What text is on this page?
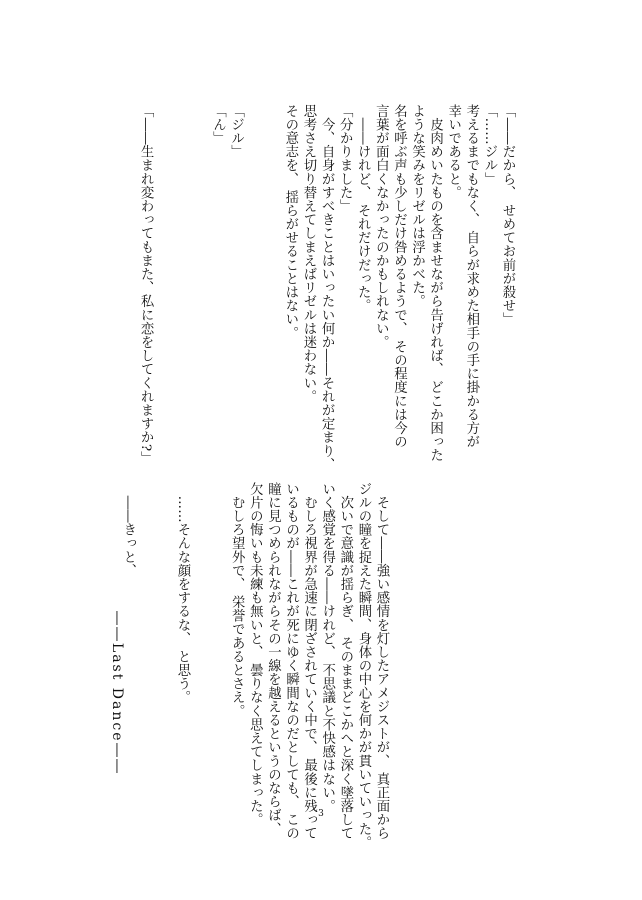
「――だから、 せめてお前が殺せ」
「……ジル」
考えるまでもなく、 自らが求めた相手の手に掛かる方が
幸いであると。
　皮肉めいたものを含ませながら告げれば、 どこか困った
ような笑みをリゼルは浮かべた。
名を呼ぶ声も少しだけ咎めるようで、 その程度には今の
言葉が面白くなかったのかもしれない。
　――けれど、 それだけだった。
「分かりました」
　今、自身がすべきことはいったい何か――それが定まり、
思考さえ切り替えてしまえばリゼルは迷わない。
その意志を、 揺らがせることはない。

「ジル」
「ん」

「――生まれ変わってもまた、私に恋をしてくれますか?」
　そして――強い感情を灯したアメジストが、 真正面から
ジルの瞳を捉えた瞬間、身体の中心を何かが貫いていった。
　次いで意識が揺らぎ、 そのままどこかへと深く墜落して
いく感覚を得る――けれど、 不思議と不快感はない。
　むしろ視界が急速に閉ざされていく中で、 最後に残って
いるものが――これが死にゆく瞬間なのだとしても、 この
瞳に見つめられながらその一線を越えるというのならば、
欠片の悔いも未練も無いと、 曇りなく思えてしまった。
　むしろ望外で、 栄誉であるとさえ。

　……そんな顔をするな、 と思う。

　――きっと、

――Last Dance――

3
